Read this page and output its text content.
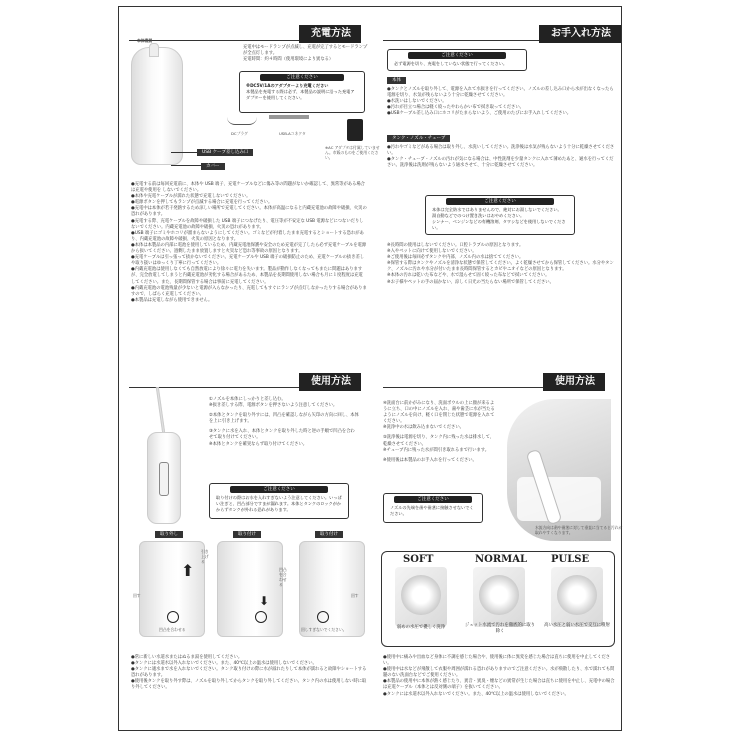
充電方法
本体裏側
充電中はモードランプが点滅し、充電が完了するとモードランプが全点灯します。
充電時間：約４時間（使用環境により異なる）
ご注意ください
※DC5V/1Aのアダプターより充電ください
本製品を充電する際は必ず、本製品の説明に沿った充電アダプターを使用してください。
DCプラグ	USB-Aコネクタ
※AC アダプタは付属していません。市販のものをご使用ください。
USB ケーブ差し込み口
カバー
●充電する前は毎回充電前に、本体や USB 端子、充電ケーブルなどに傷み等の問題がないか確認して、異常等がある場合は充電や使用を しないでください。
●本体や充電ケーブルが濡れた状態で充電しないでください。
●電源ボタンを押してもランプが点滅する場合に充電を行ってください。
●充電中は本体が若干発熱するため涼しい場所で充電してください。本体が高温になると内蔵充電池の故障や破損、火災の恐れがあります。
●充電する際、充電ケーブルを故障や破損した USB 端子につなげたり、電圧等が不安定な USB 電源などにつないだりしないでください。内蔵充電池の故障や破損、火災の恐れがあります。
●USB 端子にゴミやホコリが溜まらないようにしてください。ゴミなどが付着したまま充電するとショートする恐れがあり、内蔵充電池の故障や破損、火災の原因となります。
●本体は本製品の内部に電池を使用しているため、内蔵充電池保護や安全のため充電が完了したら必ず充電ケーブルを電源から抜いてください。過剰したまま放置しますと火災など恐れ等事故の原因となります。
●充電ケーブルは引っ張って抜かないでください。充電ケーブルや USB 端子の破損防止のため、充電ケーブルの抜き差しや取り扱いはゆっくり丁寧に行ってください。
●内蔵充電池は使用しなくても自然放電により徐々に電力を失います。製品が動作しなくなってもまたに問題はありますが、完全放電してしまうと内蔵充電池が劣化する場合があるため、本製品を長期間使用しない場合も月に１度程度は充電してください。また、長期間保管する場合は事前に充電してください。
●内蔵充電池の電池残量が少ないと電源が入らなかったり、充電してもすぐにランプが点灯しなかったりする場合がありますので、しばらく充電してください。
●本製品は充電しながら使用できません。
お手入れ方法
ご注意ください
必ず電源を切り、充電をしていない状態で行ってください。
本体
●タンクとノズルを取り外して、電源を入れて水抜きを行ってください。ノズルの差し込み口から水が出なくなったら電源を切り、水気が残らないよう十分に乾燥させてください。
●水洗いはしないでください。
●汚れが目立つ場合は軽く絞ったやわらかい布で拭き取ってください。
●USBケーブル差し込み口にホコリがたまらないよう、ご使用のたびにお手入れしてください。
タンク・ノズル・チューブ
●汚れやゴミなどがある場合は取り外し、水洗いしてください。洗浄後は水気が残らないよう十分に乾燥させてください。
●タンク・チューブ・ノズルの汚れが気になる場合は、中性洗剤を少量タンクに入れて薄めたあと、通水を行ってください。洗浄後は洗剤が残らないよう通水させて、十分に乾燥させてください。
ご注意ください
本体は完全防水ではありませんので、絶対にお湯しないでください。
湯自動などでのつけ置き洗いはおやめください。
シンナー、ベンジンなどの有機溶剤、タワシなどを使用しないでください。
※長時間の使用はしないでください。口腔トラブルの原因となります。
※入やペットに向けて使用しないでください。
※ご使用後は毎回必ずタンクや内部、ノズル内の水は捨ててください。
※保管する際はタンクやノズルを清浄な状態で保管してください。よく乾燥させてから保管してください。水分やタンク、ノズルに汚れや水分が付いたまま長時間保管するとカビやニオイなどの原因となります。
※本体の汚れは乾いた布などや、水で湿らせて固く絞った布などで拭いてください。
※お子様やペットの手の届かない、涼しく日光の当たらない場所で保管してください。
使用方法
①ノズルを本体にしっかりと差し込む。
※抜き差しする際、電源ボタンを押さないよう注意してください。
②本体とタンクを取り外すには、凹凸を確認しながら矢印の方向に回し、本体を上に引き上げます。
③タンクに水を入れ、本体とタンクを取り外した時と逆の手順で凹凸を合わせて取り付けてください。
※本体とタンクを確実ならず取り付けてください。
ご注意ください
取り付けの際はお水を入れすぎないよう注意してください。いっぱい注ぎと、凹凸部分ですまが漏れます。本体とタンクのロックがかからずタンクが外れる恐れがあります。
取り外し
⬆
引き上げる
回す
凹凸を合わせる
取り付け
⬇
凹凸を合わせる
取り付け
回す
回しすぎないでください。
●常に新しい水道水またはぬるま湯を使用してください。
●タンクには水道水以外入れないでください。また、40℃以上の温水は使用しないでください。
●タンクに適水まで水を入れないでください。タンク取り付けの際に水が溢れたりして本体が濡れると故障やショートする恐れがあります。
●使用後タンクを取り外す際は、ノズルを取り外してからタンクを取り外してください。タンク内の水は使用しない時に取り外してください。
使用方法
④洗面台に前かがみになり、洗面ボウルの上に顔が来るように立ち、口の中にノズルを入れ、歯や歯茎に水が当たるようにノズルを向け、軽く口を閉じた状態で電源を入れてください。
※洗浄中の水は飲み込まないでください。
⑤洗浄後は電源を切り、タンク内に残った水は排水して、乾燥させてください。
※チューブ内に残った水が間引き取れるまで行います。
※使用後は本製品のお手入れを行ってください。
ご注意ください
ノズルの先端を歯や歯茎に接触させないでください。
水流方向は歯や歯茎に対して垂直に当てると汚れが取れやすくなります。
SOFT
弱めの水圧で優しく洗浄
NORMAL
ジェット水流で汚れを徹底的に取り除く
PULSE
高い水圧と弱い水圧で交互に噴射
●使用中に痛みや出血など身体に不調を感じた場合や、使用後に体に異変を感じた場合は直ちに使用を中止してください。
●使用中は水などが飛散して衣服や周囲が濡れる恐れがありますのでご注意ください。水が飛散したり、水で濡れても問題のない洗面台などでご使用ください。
●本製品の使用中に本体が熱く感じたり、異音・異臭・煙などの異常が生じた場合は直ちに使用を中止し、充電中の場合は充電ケーブル（本体とは反対側の端子）を抜いてください。
●タンクには水道水以外入れないでください。また、40℃以上の温水は使用しないでください。
